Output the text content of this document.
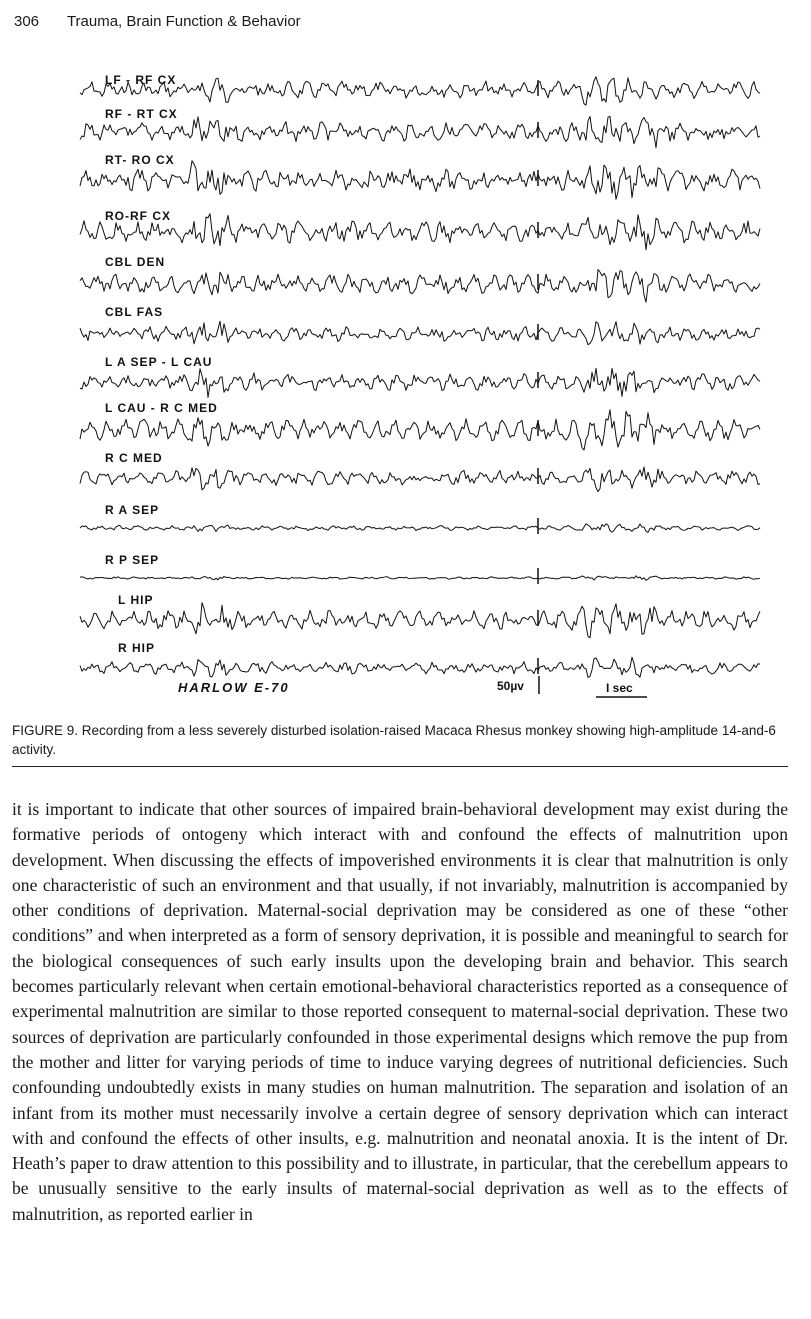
306 Trauma, Brain Function & Behavior
LF - RF CX
RF - RT CX
RT- RO CX
RO-RF CX
CBL DEN
CBL FAS
L A SEP - L CAU
L CAU - R C MED
R C MED
R A SEP
R P SEP
L HIP
R HIP
HARLOW E-70	50µv	I sec
FIGURE 9. Recording from a less severely disturbed isolation-raised Macaca Rhesus monkey showing high-amplitude 14-and-6 activity.
it is important to indicate that other sources of impaired brain-behavioral development may exist during the formative periods of ontogeny which interact with and confound the effects of malnutrition upon development. When discussing the effects of impoverished environments it is clear that malnutrition is only one characteristic of such an environment and that usually, if not invariably, malnutrition is accompanied by other conditions of deprivation. Maternal-social deprivation may be considered as one of these “other conditions” and when interpreted as a form of sensory deprivation, it is possible and meaningful to search for the biological consequences of such early insults upon the developing brain and behavior. This search becomes particularly relevant when certain emotional-behavioral characteristics reported as a consequence of experimental malnutrition are similar to those reported consequent to maternal-social deprivation. These two sources of deprivation are particularly confounded in those experimental designs which remove the pup from the mother and litter for varying periods of time to induce varying degrees of nutritional deficiencies. Such confounding undoubtedly exists in many studies on human malnutrition. The separation and isolation of an infant from its mother must necessarily involve a certain degree of sensory deprivation which can interact with and confound the effects of other insults, e.g. malnutrition and neonatal anoxia. It is the intent of Dr. Heath’s paper to draw attention to this possibility and to illustrate, in particular, that the cerebellum appears to be unusually sensitive to the early insults of maternal-social deprivation as well as to the effects of malnutrition, as reported earlier in
